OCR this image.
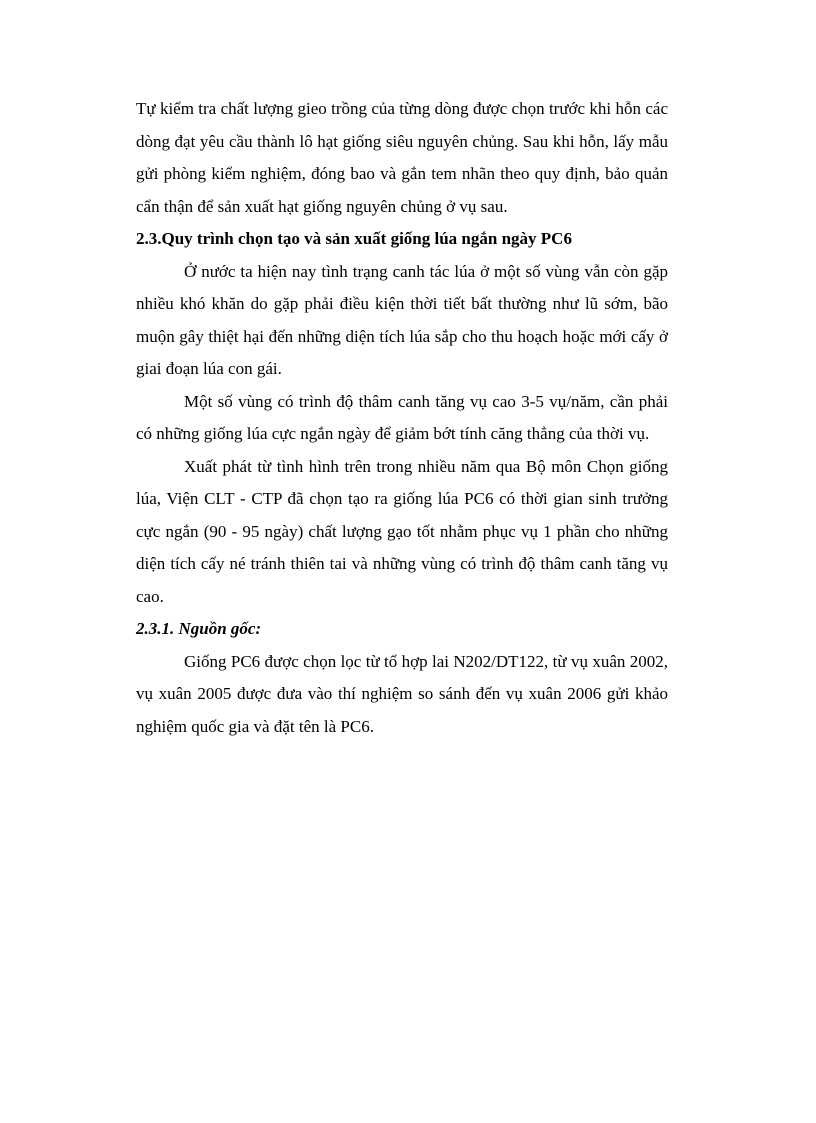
Tự kiểm tra chất lượng gieo trồng của từng dòng được chọn trước khi hỗn các dòng đạt yêu cầu thành lô hạt giống siêu nguyên chủng. Sau khi hỗn, lấy mẫu gửi phòng kiểm nghiệm, đóng bao và gắn tem nhãn theo quy định, bảo quản cẩn thận để sản xuất hạt giống nguyên chủng ở vụ sau.

2.3.Quy trình chọn tạo và sản xuất giống lúa ngắn ngày PC6

Ở nước ta hiện nay tình trạng canh tác lúa ở một số vùng vẫn còn gặp nhiều khó khăn do gặp phải điều kiện thời tiết bất thường như lũ sớm, bão muộn gây thiệt hại đến những diện tích lúa sắp cho thu hoạch hoặc mới cấy ở giai đoạn lúa con gái.

Một số vùng có trình độ thâm canh tăng vụ cao 3-5 vụ/năm, cần phải có những giống lúa cực ngắn ngày để giảm bớt tính căng thẳng của thời vụ.

Xuất phát từ tình hình trên trong nhiều năm qua Bộ môn Chọn giống lúa, Viện CLT - CTP đã chọn tạo ra giống lúa PC6 có thời gian sinh trưởng cực ngắn (90 - 95 ngày) chất lượng gạo tốt nhằm phục vụ 1 phần cho những diện tích cấy né tránh thiên tai và những vùng có trình độ thâm canh tăng vụ cao.

2.3.1. Nguồn gốc:

Giống PC6 được chọn lọc từ tổ hợp lai N202/DT122, từ vụ xuân 2002, vụ xuân 2005 được đưa vào thí nghiệm so sánh đến vụ xuân 2006 gửi khảo nghiệm quốc gia và đặt tên là PC6.
